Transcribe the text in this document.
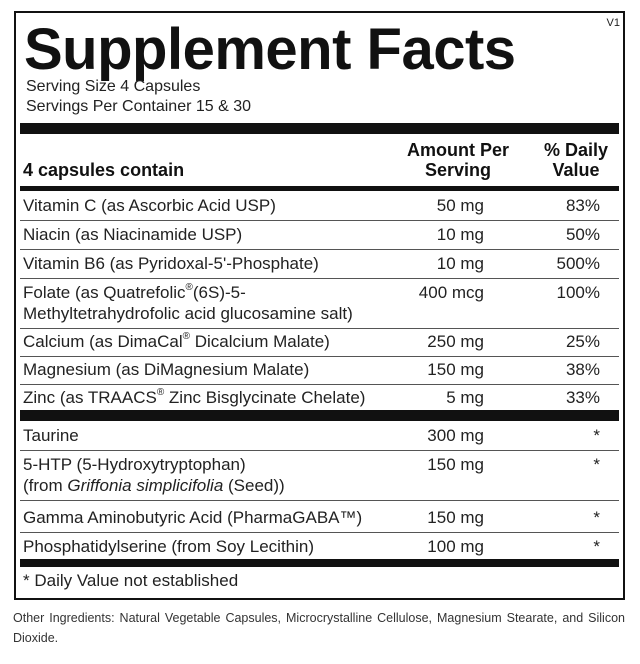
V1
Supplement Facts
Serving Size 4 Capsules
Servings Per Container 15 & 30
4 capsules contain
Amount Per
Serving
% Daily
Value
Vitamin C (as Ascorbic Acid USP)	50 mg	83%
Niacin (as Niacinamide USP)	10 mg	50%
Vitamin B6 (as Pyridoxal-5'-Phosphate)	10 mg	500%
Folate (as Quatrefolic®(6S)-5-
Methyltetrahydrofolic acid glucosamine salt)
400 mcg	100%
Calcium (as DimaCal® Dicalcium Malate)	250 mg	25%
Magnesium (as DiMagnesium Malate)	150 mg	38%
Zinc (as TRAACS® Zinc Bisglycinate Chelate)	5 mg	33%
Taurine	300 mg	*
5-HTP (5-Hydroxytryptophan)
(from Griffonia simplicifolia (Seed))
150 mg	*
Gamma Aminobutyric Acid (PharmaGABA™)	150 mg	*
Phosphatidylserine (from Soy Lecithin)	100 mg	*
* Daily Value not established
Other Ingredients: Natural Vegetable Capsules, Microcrystalline Cellulose, Magnesium Stearate, and Silicon Dioxide.
